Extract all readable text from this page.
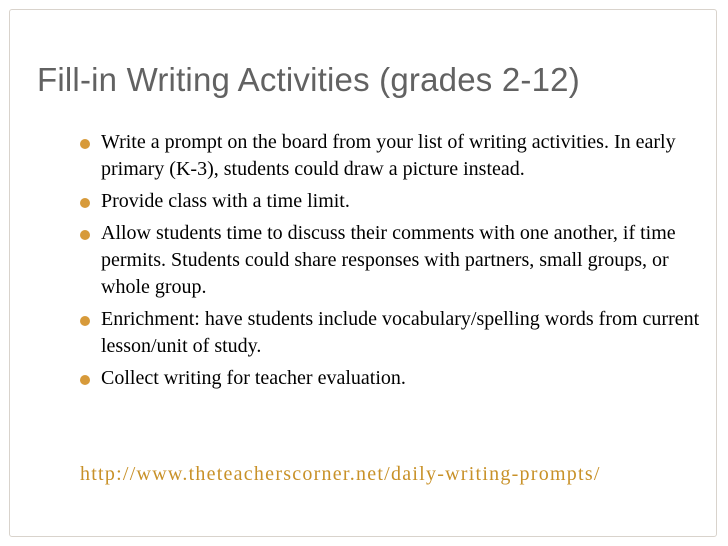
Fill-in Writing Activities (grades 2-12)
Write a prompt on the board from your list of writing activities. In early primary (K-3), students could draw a picture instead.
Provide class with a time limit.
Allow students time to discuss their comments with one another, if time permits. Students could share responses with partners, small groups, or whole group.
Enrichment: have students include vocabulary/spelling words from current lesson/unit of study.
Collect writing for teacher evaluation.
http://www.theteacherscorner.net/daily-writing-prompts/
